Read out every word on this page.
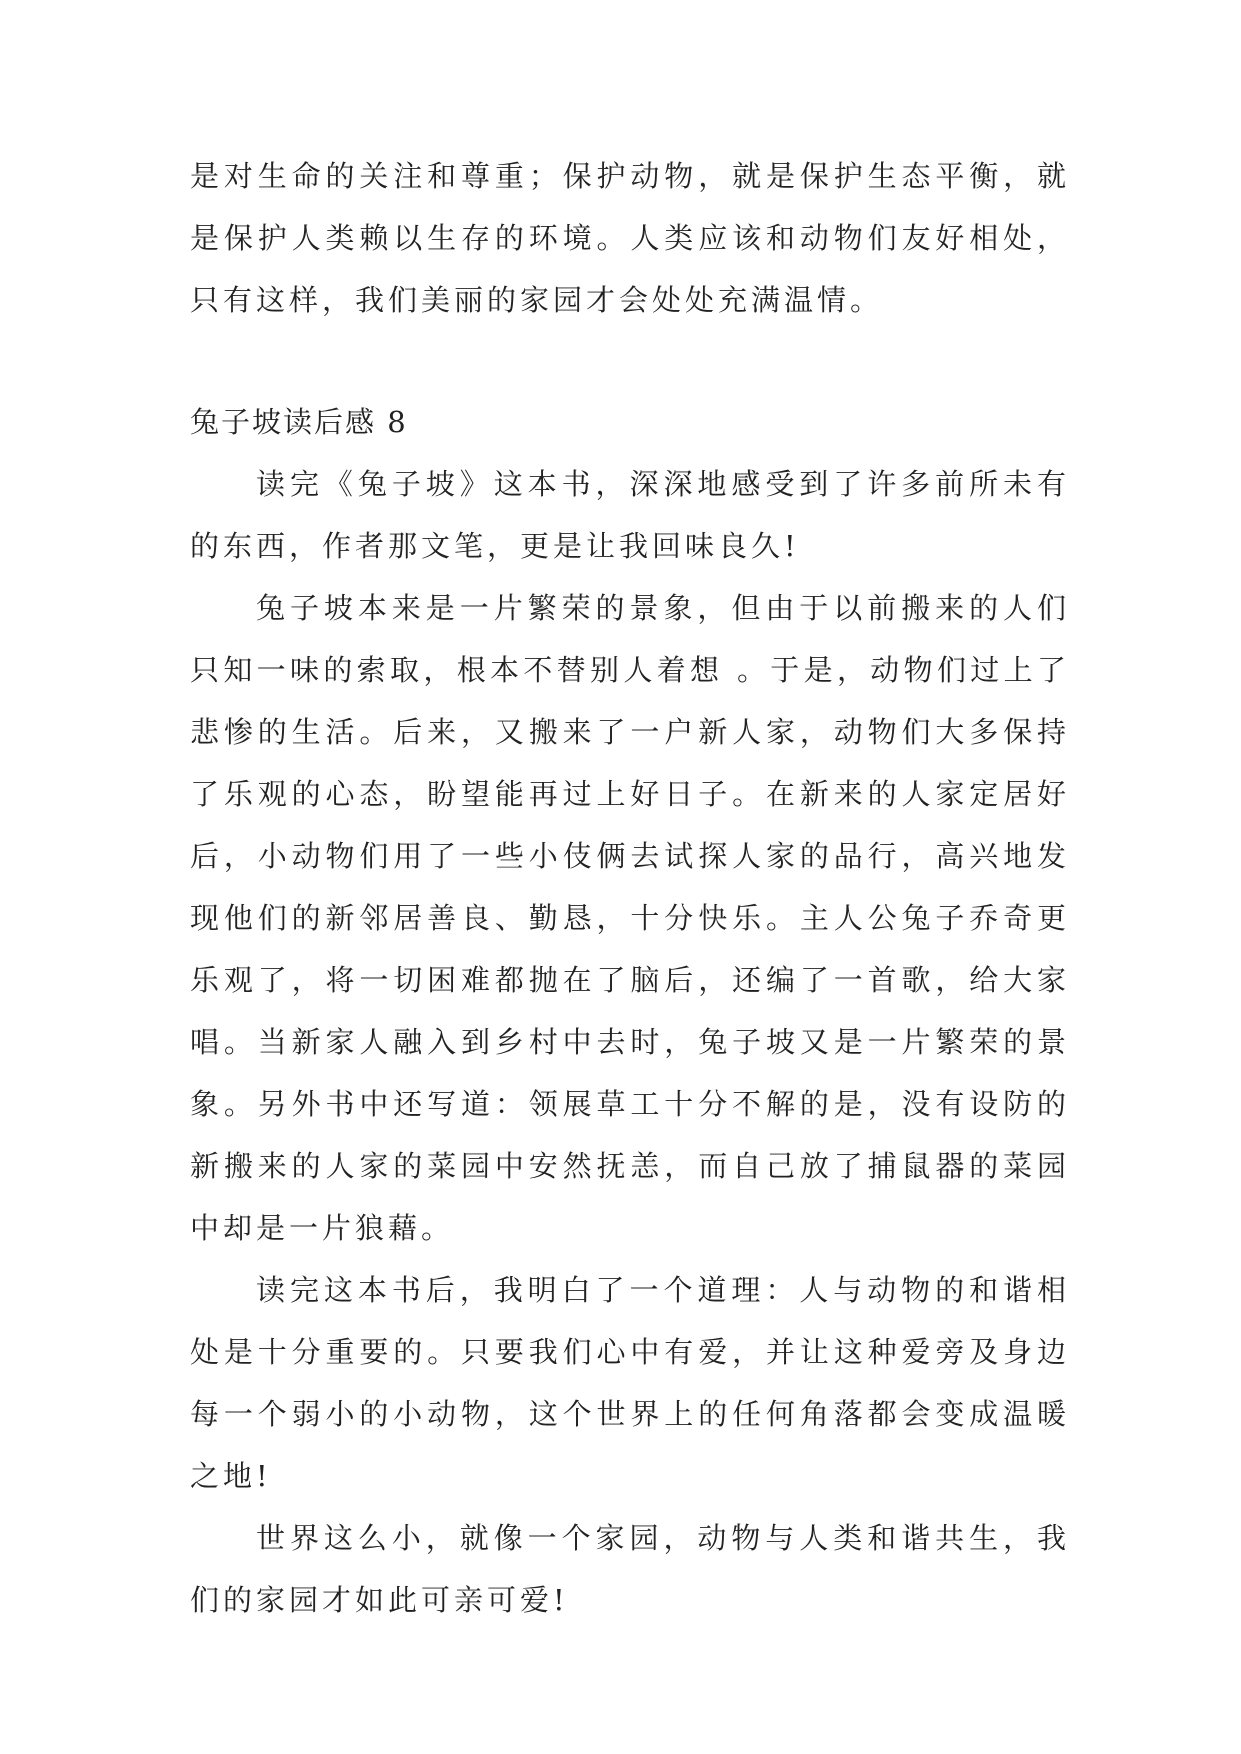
是对生命的关注和尊重；保护动物，就是保护生态平衡，就是保护人类赖以生存的环境。人类应该和动物们友好相处，只有这样，我们美丽的家园才会处处充满温情。

兔子坡读后感 8

读完《兔子坡》这本书，深深地感受到了许多前所未有的东西，作者那文笔，更是让我回味良久!

兔子坡本来是一片繁荣的景象，但由于以前搬来的人们只知一味的索取，根本不替别人着想 。于是，动物们过上了悲惨的生活。后来，又搬来了一户新人家，动物们大多保持了乐观的心态，盼望能再过上好日子。在新来的人家定居好后，小动物们用了一些小伎俩去试探人家的品行，高兴地发现他们的新邻居善良、勤恳，十分快乐。主人公兔子乔奇更乐观了，将一切困难都抛在了脑后，还编了一首歌，给大家唱。当新家人融入到乡村中去时，兔子坡又是一片繁荣的景象。另外书中还写道：领展草工十分不解的是，没有设防的新搬来的人家的菜园中安然抚恙，而自己放了捕鼠器的菜园中却是一片狼藉。

读完这本书后，我明白了一个道理：人与动物的和谐相处是十分重要的。只要我们心中有爱，并让这种爱旁及身边每一个弱小的小动物，这个世界上的任何角落都会变成温暖之地!

世界这么小，就像一个家园，动物与人类和谐共生，我们的家园才如此可亲可爱!
